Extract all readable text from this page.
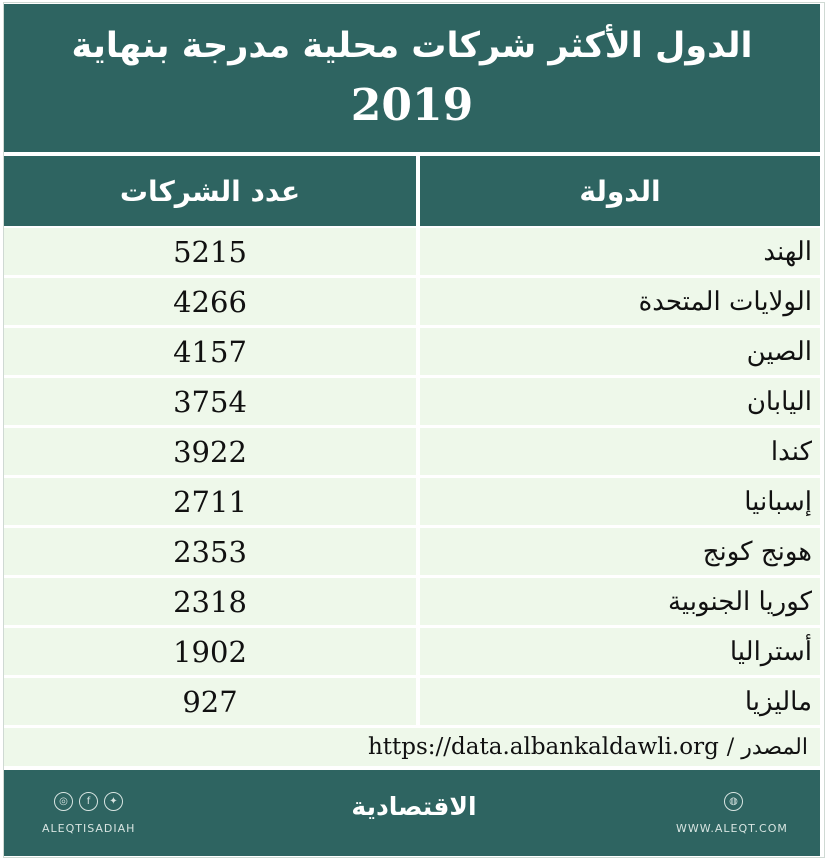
الدول الأكثر شركات محلية مدرجة بنهاية
2019
عدد الشركات	الدولة
5215	الهند
4266	الولايات المتحدة
4157	الصين
3754	اليابان
3922	كندا
2711	إسبانيا
2353	هونج كونج
2318	كوريا الجنوبية
1902	أستراليا
927	ماليزيا
المصدر /
https://data.albankaldawli.org
◎	f	✦
ALEQTISADIAH
الاقتصادية	◍
WWW.ALEQT.COM
